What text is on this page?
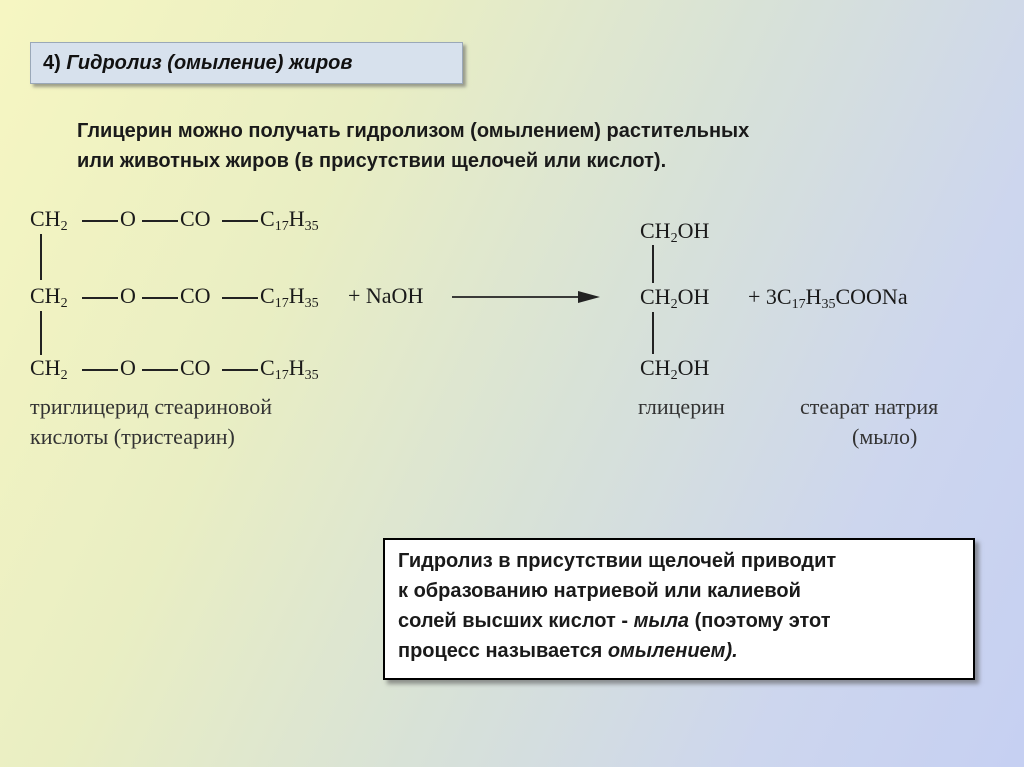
4) Гидролиз (омыление) жиров
Глицерин можно получать гидролизом (омылением) растительных
или животных жиров (в присутствии щелочей или кислот).
$CH_2$ O CO $C_{17}H_{35}$
$CH_2$ O CO $C_{17}H_{35}$ + NaOH
$CH_2$ O CO $C_{17}H_{35}$
триглицерид стеариновой
кислоты (тристеарин)
$CH_2OH$
$CH_2OH$
$CH_2OH$
глицерин
+ $3C_{17}H_{35}COONa$
стеарат натрия
(мыло)
Гидролиз в присутствии щелочей приводит
к образованию натриевой или калиевой
солей высших кислот - мыла (поэтому этот
процесс называется омылением).
